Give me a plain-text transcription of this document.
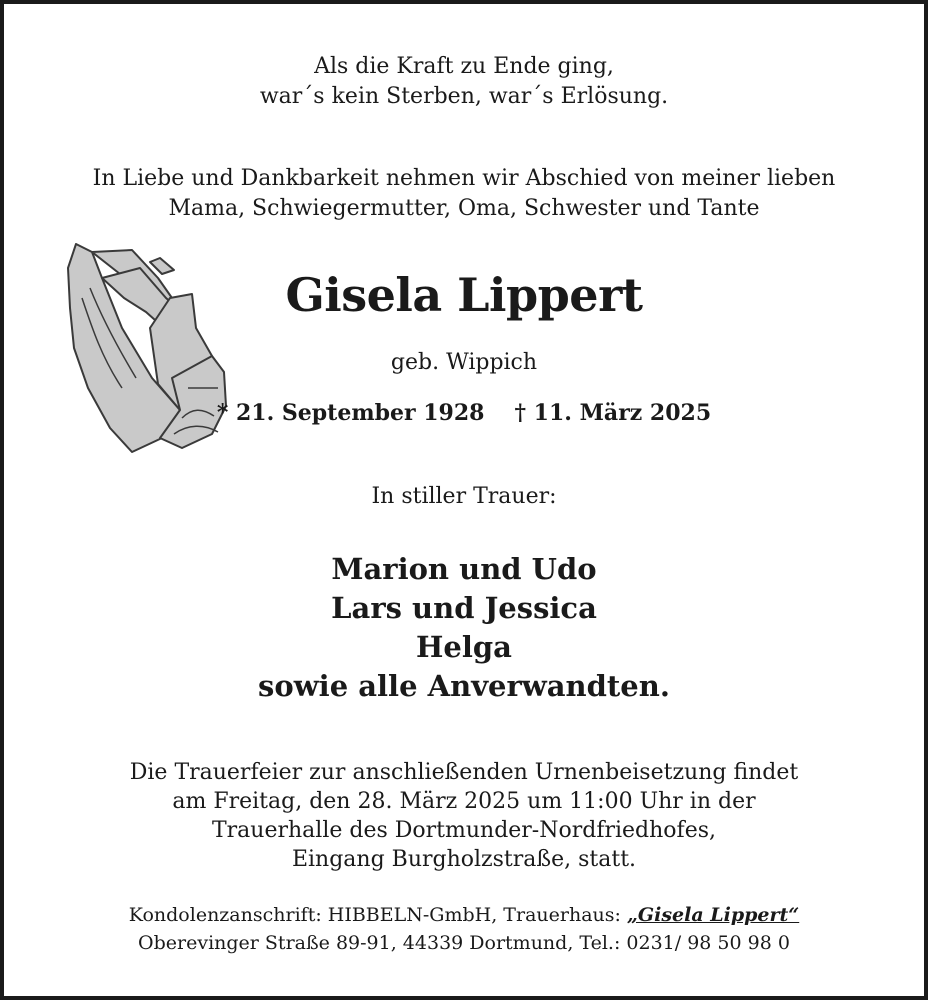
Als die Kraft zu Ende ging,
war´s kein Sterben, war´s Erlösung.
In Liebe und Dankbarkeit nehmen wir Abschied von meiner lieben
Mama, Schwiegermutter, Oma, Schwester und Tante
Gisela Lippert
geb. Wippich
* 21. September 1928 † 11. März 2025
In stiller Trauer:
Marion und Udo
Lars und Jessica
Helga
sowie alle Anverwandten.
Die Trauerfeier zur anschließenden Urnenbeisetzung findet
am Freitag, den 28. März 2025 um 11:00 Uhr in der
Trauerhalle des Dortmunder-Nordfriedhofes,
Eingang Burgholzstraße, statt.
Kondolenzanschrift: HIBBELN-GmbH, Trauerhaus: „Gisela Lippert“
Oberevinger Straße 89-91, 44339 Dortmund, Tel.: 0231/ 98 50 98 0
